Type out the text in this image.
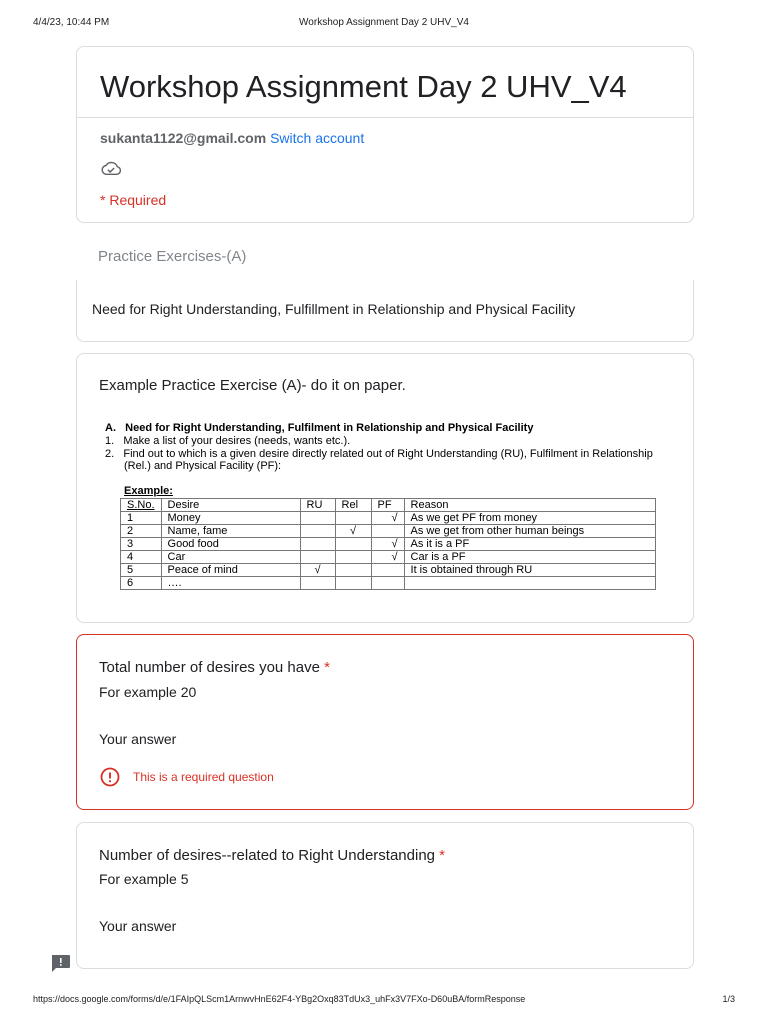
4/4/23, 10:44 PM	Workshop Assignment Day 2 UHV_V4
Workshop Assignment Day 2 UHV_V4
sukanta1122@gmail.com Switch account
* Required
Practice Exercises-(A)
Need for Right Understanding, Fulfillment in Relationship and Physical Facility
Example Practice Exercise (A)- do it on paper.
A. Need for Right Understanding, Fulfilment in Relationship and Physical Facility
1.   Make a list of your desires (needs, wants etc.).
2.   Find out to which is a given desire directly related out of Right Understanding (RU), Fulfilment in Relationship
(Rel.) and Physical Facility (PF):
Example:
S.No.	Desire	RU	Rel	PF	Reason
1	Money			√	As we get PF from money
2	Name, fame		√		As we get from other human beings
3	Good food			√	As it is a PF
4	Car			√	Car is a PF
5	Peace of mind	√			It is obtained through RU
6	….				
Total number of desires you have *
For example 20
Your answer
This is a required question
Number of desires--related to Right Understanding *
For example 5
Your answer
https://docs.google.com/forms/d/e/1FAIpQLScm1ArnwvHnE62F4-YBg2Oxq83TdUx3_uhFx3V7FXo-D60uBA/formResponse	1/3
